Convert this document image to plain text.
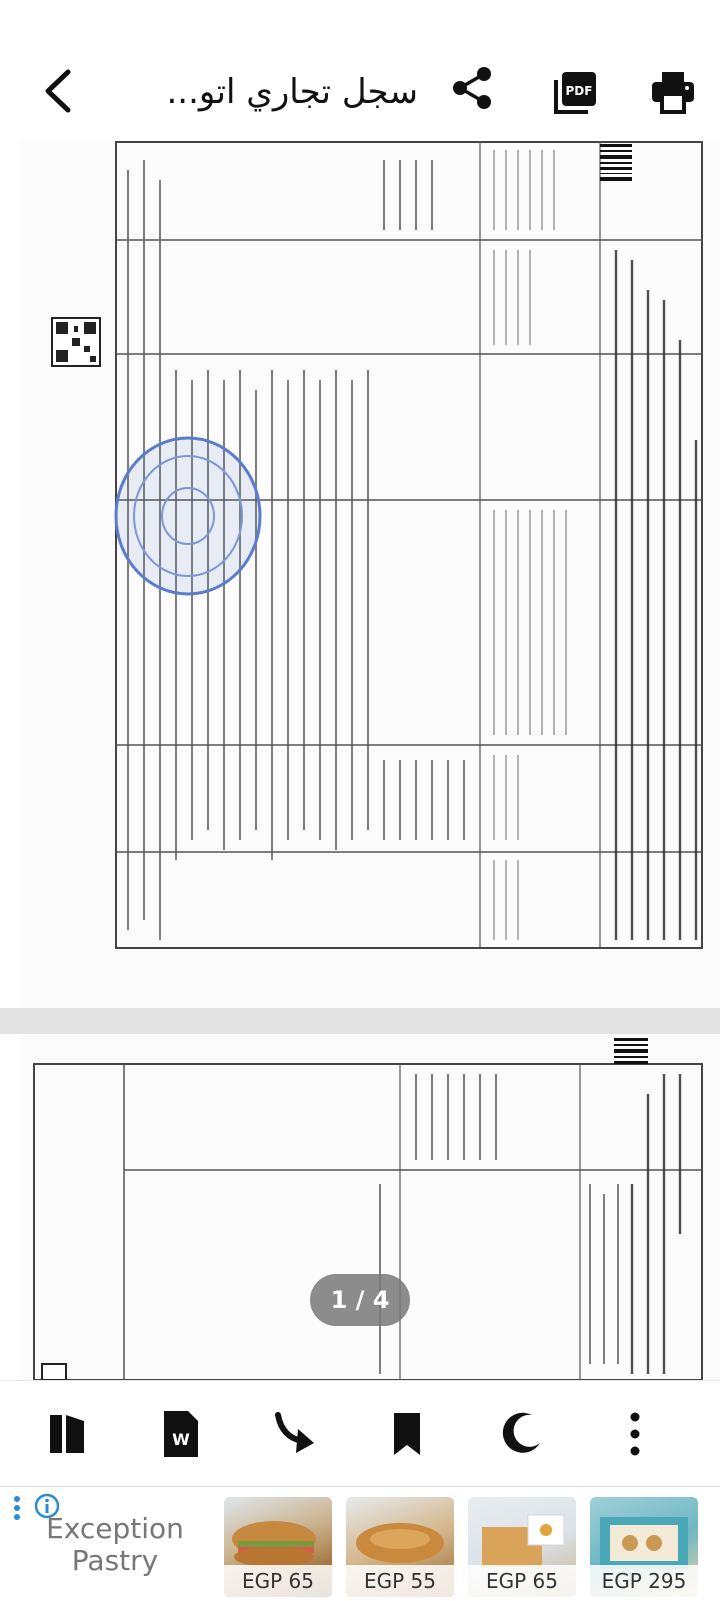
سجل تجاري اتو...	PDF
1 / 4
W
Exception Pastry
EGP 65	EGP 55	EGP 65	EGP 295
